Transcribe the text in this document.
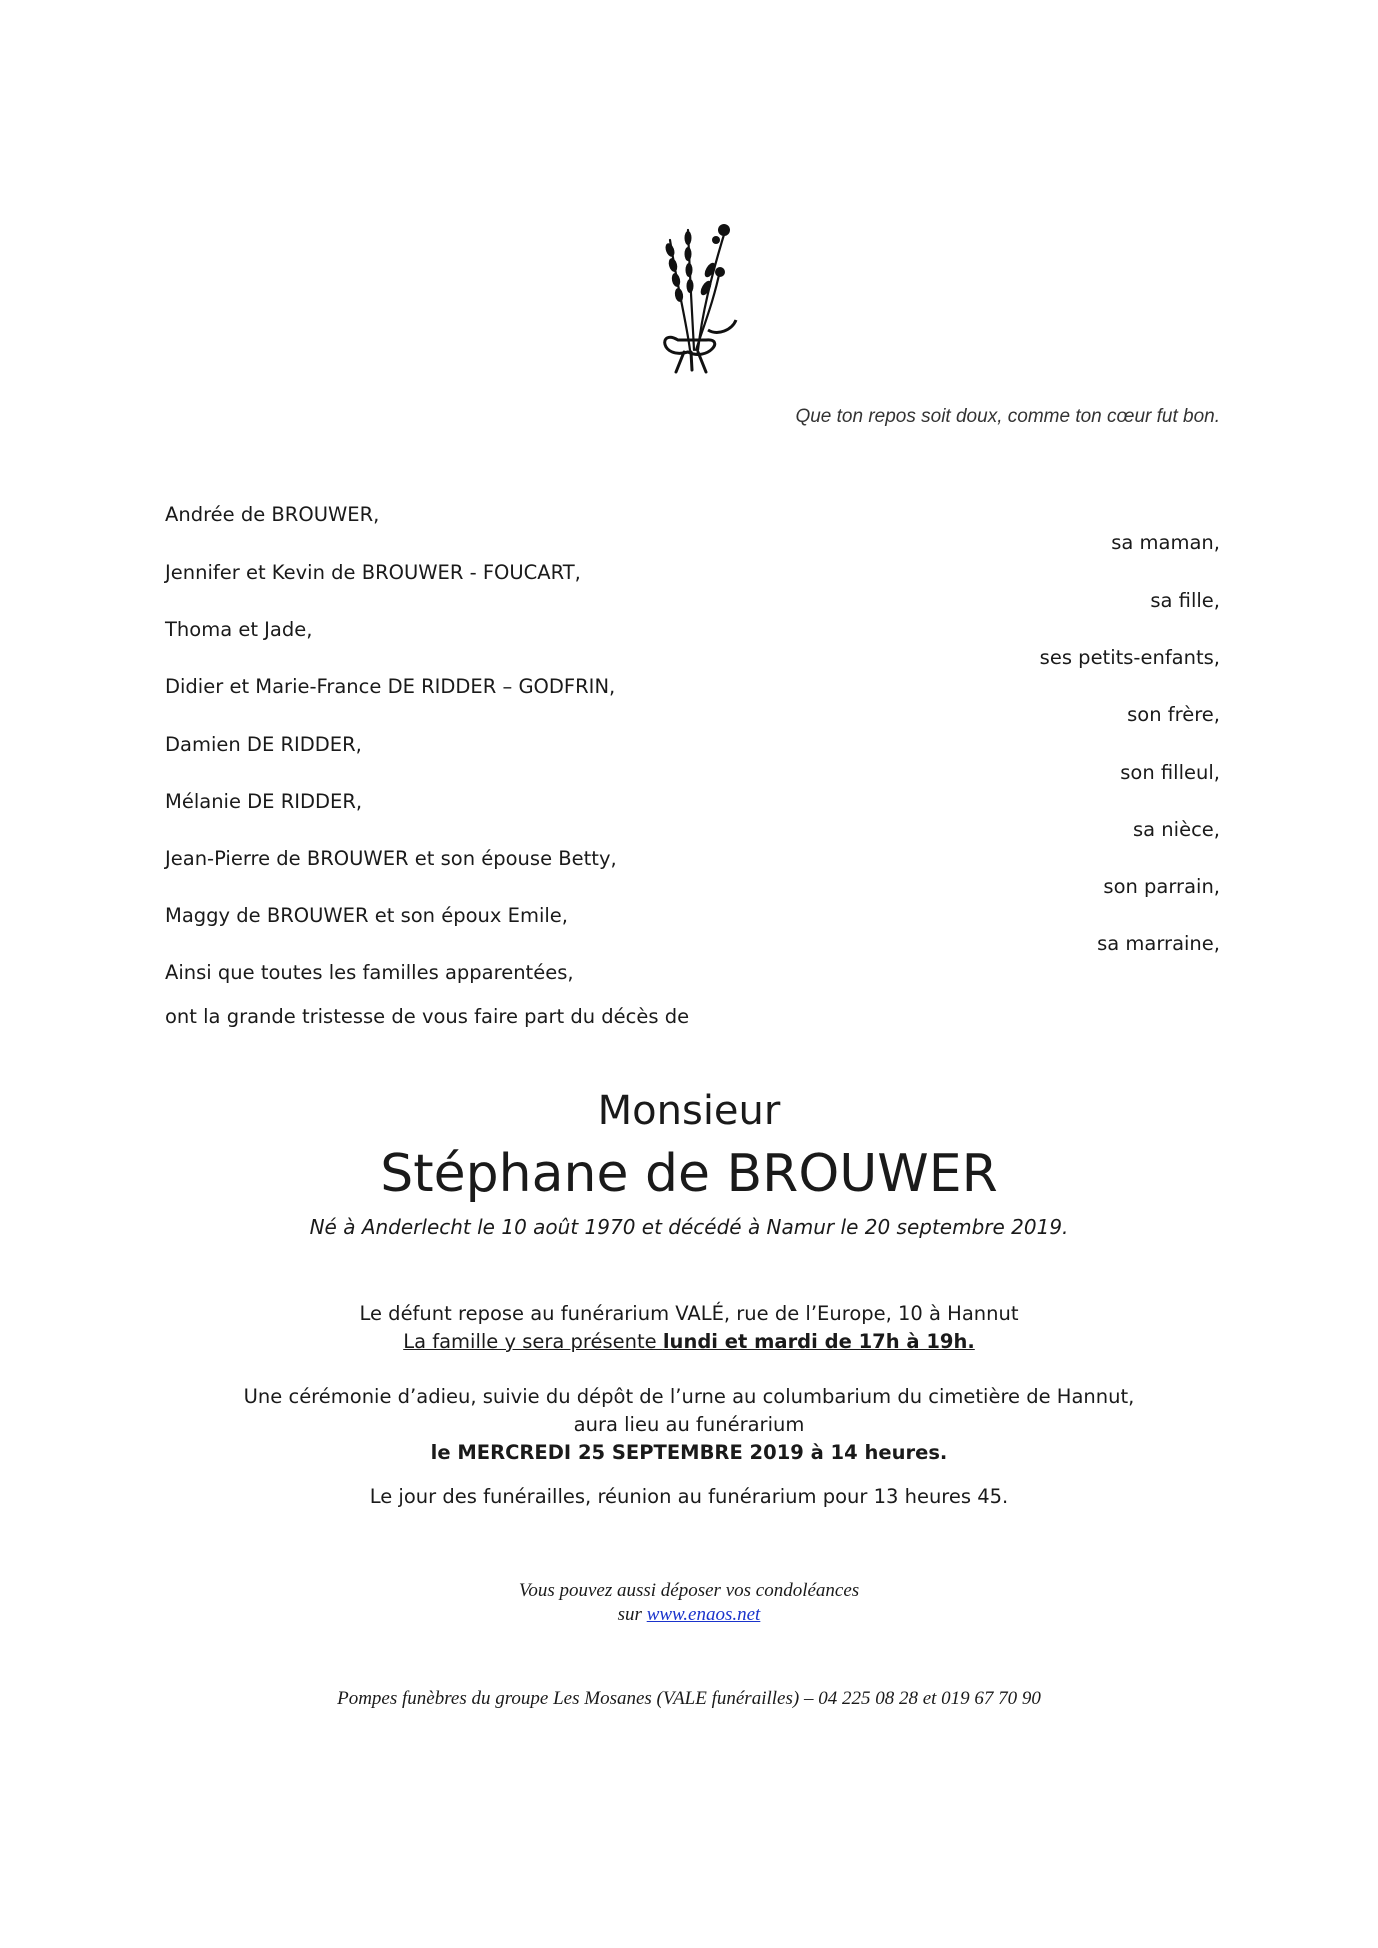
Que ton repos soit doux, comme ton cœur fut bon.
Andrée de BROUWER,
sa maman,
Jennifer et Kevin de BROUWER - FOUCART,
sa fille,
Thoma et Jade,
ses petits-enfants,
Didier et Marie-France DE RIDDER – GODFRIN,
son frère,
Damien DE RIDDER,
son filleul,
Mélanie DE RIDDER,
sa nièce,
Jean-Pierre de BROUWER et son épouse Betty,
son parrain,
Maggy de BROUWER et son époux Emile,
sa marraine,
Ainsi que toutes les familles apparentées,
ont la grande tristesse de vous faire part du décès de
Monsieur
Stéphane de BROUWER
Né à Anderlecht le 10 août 1970 et décédé à Namur le 20 septembre 2019.
Le défunt repose au funérarium VALÉ, rue de l’Europe, 10 à Hannut
La famille y sera présente lundi et mardi de 17h à 19h.
Une cérémonie d’adieu, suivie du dépôt de l’urne au columbarium du cimetière de Hannut,
aura lieu au funérarium
le MERCREDI 25 SEPTEMBRE 2019 à 14 heures.
Le jour des funérailles, réunion au funérarium pour 13 heures 45.
Vous pouvez aussi déposer vos condoléances
sur www.enaos.net
Pompes funèbres du groupe Les Mosanes (VALE funérailles) – 04 225 08 28 et 019 67 70 90
